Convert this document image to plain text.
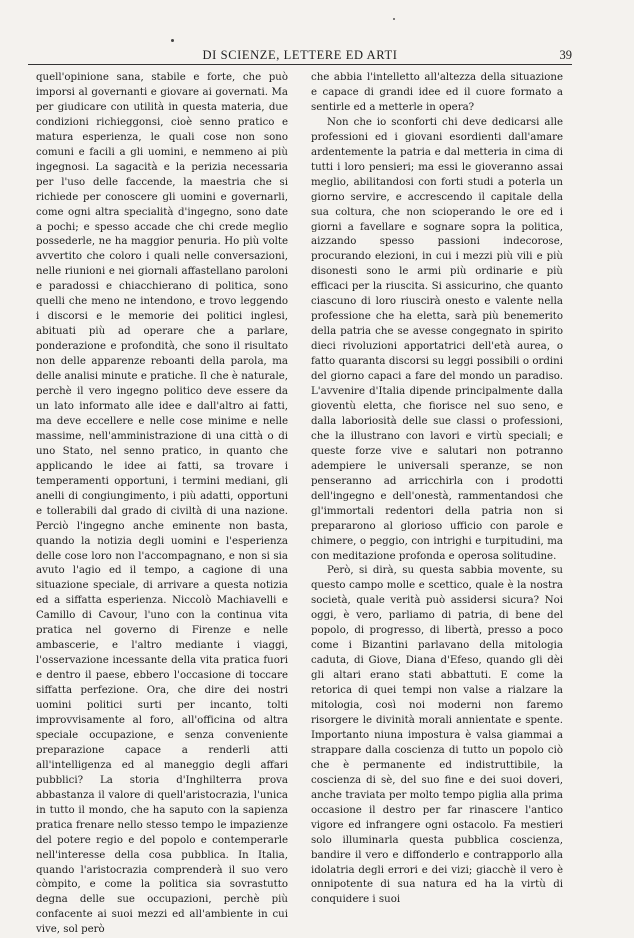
DI SCIENZE, LETTERE ED ARTI	39

quell'opinione sana, stabile e forte, che può imporsi al governanti e giovare ai governati. Ma per giudicare con utilità in questa materia, due condizioni richieggonsi, cioè senno pratico e matura esperienza, le quali cose non sono comuni e facili a gli uomini, e nemmeno ai più ingegnosi. La sagacità e la perizia necessaria per l'uso delle faccende, la maestria che si richiede per conoscere gli uomini e governarli, come ogni altra specialità d'ingegno, sono date a pochi; e spesso accade che chi crede meglio possederle, ne ha maggior penuria. Ho più volte avvertito che coloro i quali nelle conversazioni, nelle riunioni e nei giornali affastellano paroloni e paradossi e chiacchierano di politica, sono quelli che meno ne intendono, e trovo leggendo i discorsi e le memorie dei politici inglesi, abituati più ad operare che a parlare, ponderazione e profondità, che sono il risultato non delle apparenze reboanti della parola, ma delle analisi minute e pratiche. Il che è naturale, perchè il vero ingegno politico deve essere da un lato informato alle idee e dall'altro ai fatti, ma deve eccellere e nelle cose minime e nelle massime, nell'amministrazione di una città o di uno Stato, nel senno pratico, in quanto che applicando le idee ai fatti, sa trovare i temperamenti opportuni, i termini mediani, gli anelli di congiungimento, i più adatti, opportuni e tollerabili dal grado di civiltà di una nazione. Perciò l'ingegno anche eminente non basta, quando la notizia degli uomini e l'esperienza delle cose loro non l'accompagnano, e non si sia avuto l'agio ed il tempo, a cagione di una situazione speciale, di arrivare a questa notizia ed a siffatta esperienza. Niccolò Machiavelli e Camillo di Cavour, l'uno con la continua vita pratica nel governo di Firenze e nelle ambascerie, e l'altro mediante i viaggi, l'osservazione incessante della vita pratica fuori e dentro il paese, ebbero l'occasione di toccare siffatta perfezione. Ora, che dire dei nostri uomini politici surti per incanto, tolti improvvisamente al foro, all'officina od altra speciale occupazione, e senza conveniente preparazione capace a renderli atti all'intelligenza ed al maneggio degli affari pubblici? La storia d'Inghilterra prova abbastanza il valore di quell'aristocrazia, l'unica in tutto il mondo, che ha saputo con la sapienza pratica frenare nello stesso tempo le impazienze del potere regio e del popolo e contemperarle nell'interesse della cosa pubblica. In Italia, quando l'aristocrazia comprenderà il suo vero còmpito, e come la politica sia sovrastutto degna delle sue occupazioni, perchè più confacente ai suoi mezzi ed all'ambiente in cui vive, sol però

che abbia l'intelletto all'altezza della situazione e capace di grandi idee ed il cuore formato a sentirle ed a metterle in opera?

Non che io sconforti chi deve dedicarsi alle professioni ed i giovani esordienti dall'amare ardentemente la patria e dal metteria in cima di tutti i loro pensieri; ma essi le gioveranno assai meglio, abilitandosi con forti studi a poterla un giorno servire, e accrescendo il capitale della sua coltura, che non scioperando le ore ed i giorni a favellare e sognare sopra la politica, aizzando spesso passioni indecorose, procurando elezioni, in cui i mezzi più vili e più disonesti sono le armi più ordinarie e più efficaci per la riuscita. Si assicurino, che quanto ciascuno di loro riuscirà onesto e valente nella professione che ha eletta, sarà più benemerito della patria che se avesse congegnato in spirito dieci rivoluzioni apportatrici dell'età aurea, o fatto quaranta discorsi su leggi possibili o ordini del giorno capaci a fare del mondo un paradiso. L'avvenire d'Italia dipende principalmente dalla gioventù eletta, che fiorisce nel suo seno, e dalla laboriosità delle sue classi o professioni, che la illustrano con lavori e virtù speciali; e queste forze vive e salutari non potranno adempiere le universali speranze, se non penseranno ad arricchirla con i prodotti dell'ingegno e dell'onestà, rammentandosi che gl'immortali redentori della patria non si prepararono al glorioso ufficio con parole e chimere, o peggio, con intrighi e turpitudini, ma con meditazione profonda e operosa solitudine.

Però, si dirà, su questa sabbia movente, su questo campo molle e scettico, quale è la nostra società, quale verità può assidersi sicura? Noi oggi, è vero, parliamo di patria, di bene del popolo, di progresso, di libertà, presso a poco come i Bizantini parlavano della mitologia caduta, di Giove, Diana d'Efeso, quando gli dèi gli altari erano stati abbattuti. E come la retorica di quei tempi non valse a rialzare la mitologia, così noi moderni non faremo risorgere le divinità morali annientate e spente. Importanto niuna impostura è valsa giammai a strappare dalla coscienza di tutto un popolo ciò che è permanente ed indistruttibile, la coscienza di sè, del suo fine e dei suoi doveri, anche traviata per molto tempo piglia alla prima occasione il destro per far rinascere l'antico vigore ed infrangere ogni ostacolo. Fa mestieri solo illuminarla questa pubblica coscienza, bandire il vero e diffonderlo e contrapporlo alla idolatria degli errori e dei vizi; giacchè il vero è onnipotente di sua natura ed ha la virtù di conquidere i suoi
